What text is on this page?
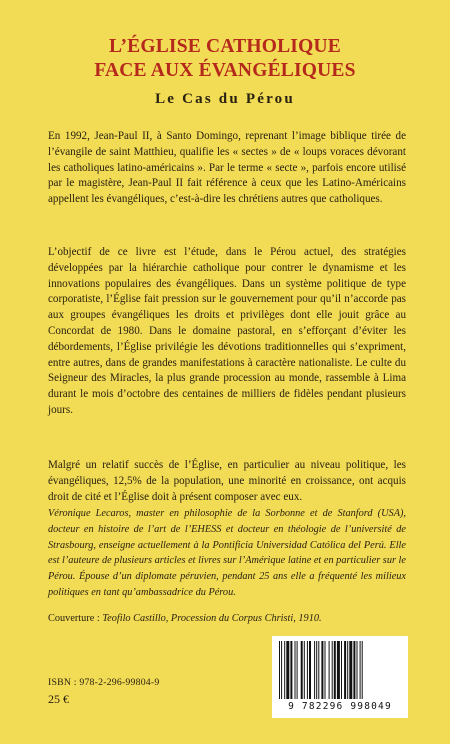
L’ÉGLISE CATHOLIQUE
FACE AUX ÉVANGÉLIQUES
Le Cas du Pérou

En 1992, Jean-Paul II, à Santo Domingo, reprenant l’image biblique tirée de l’évangile de saint Matthieu, qualifie les « sectes » de « loups voraces dévorant les catholiques latino-américains ». Par le terme « secte », parfois encore utilisé par le magistère, Jean-Paul II fait référence à ceux que les Latino-Américains appellent les évangéliques, c’est-à-dire les chrétiens autres que catholiques.

L’objectif de ce livre est l’étude, dans le Pérou actuel, des stratégies développées par la hiérarchie catholique pour contrer le dynamisme et les innovations populaires des évangéliques. Dans un système politique de type corporatiste, l’Église fait pression sur le gouvernement pour qu’il n’accorde pas aux groupes évangéliques les droits et privilèges dont elle jouit grâce au Concordat de 1980. Dans le domaine pastoral, en s’efforçant d’éviter les débordements, l’Église privilégie les dévotions traditionnelles qui s’expriment, entre autres, dans de grandes manifestations à caractère nationaliste. Le culte du Seigneur des Miracles, la plus grande procession au monde, rassemble à Lima durant le mois d’octobre des centaines de milliers de fidèles pendant plusieurs jours.

Malgré un relatif succès de l’Église, en particulier au niveau politique, les évangéliques, 12,5% de la population, une minorité en croissance, ont acquis droit de cité et l’Église doit à présent composer avec eux.

Véronique Lecaros, master en philosophie de la Sorbonne et de Stanford (USA), docteur en histoire de l’art de l’EHESS et docteur en théologie de l’université de Strasbourg, enseigne actuellement à la Pontificia Universidad Católica del Perú. Elle est l’auteure de plusieurs articles et livres sur l’Amérique latine et en particulier sur le Pérou. Épouse d’un diplomate péruvien, pendant 25 ans elle a fréquenté les milieux politiques en tant qu’ambassadrice du Pérou.

Couverture : Teofilo Castillo, Procession du Corpus Christi, 1910.

ISBN : 978-2-296-99804-9
25 €
9 782296 998049
